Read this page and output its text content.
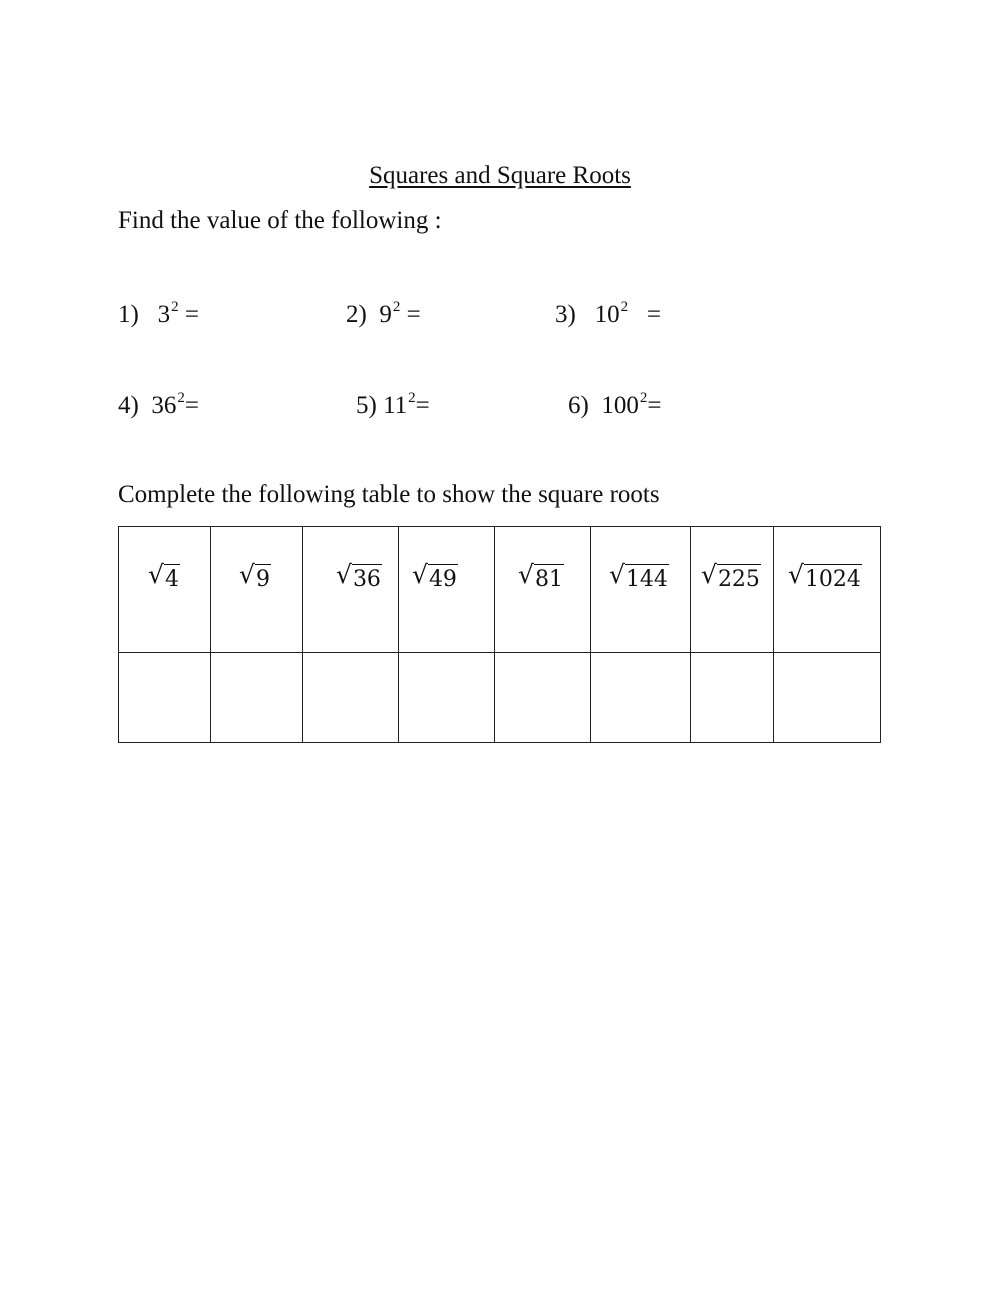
Squares and Square Roots
Find the value of the following :
1) $3^2$ =	2) $9^2$ =	3) $10^2$ =
4) $36^2=$	5) $11^2=$	6) $100^2=$
Complete the following table to show the square roots
√ 4	√ 9	√ 36	√ 49	√ 81	√ 144	√ 225	√ 1024
